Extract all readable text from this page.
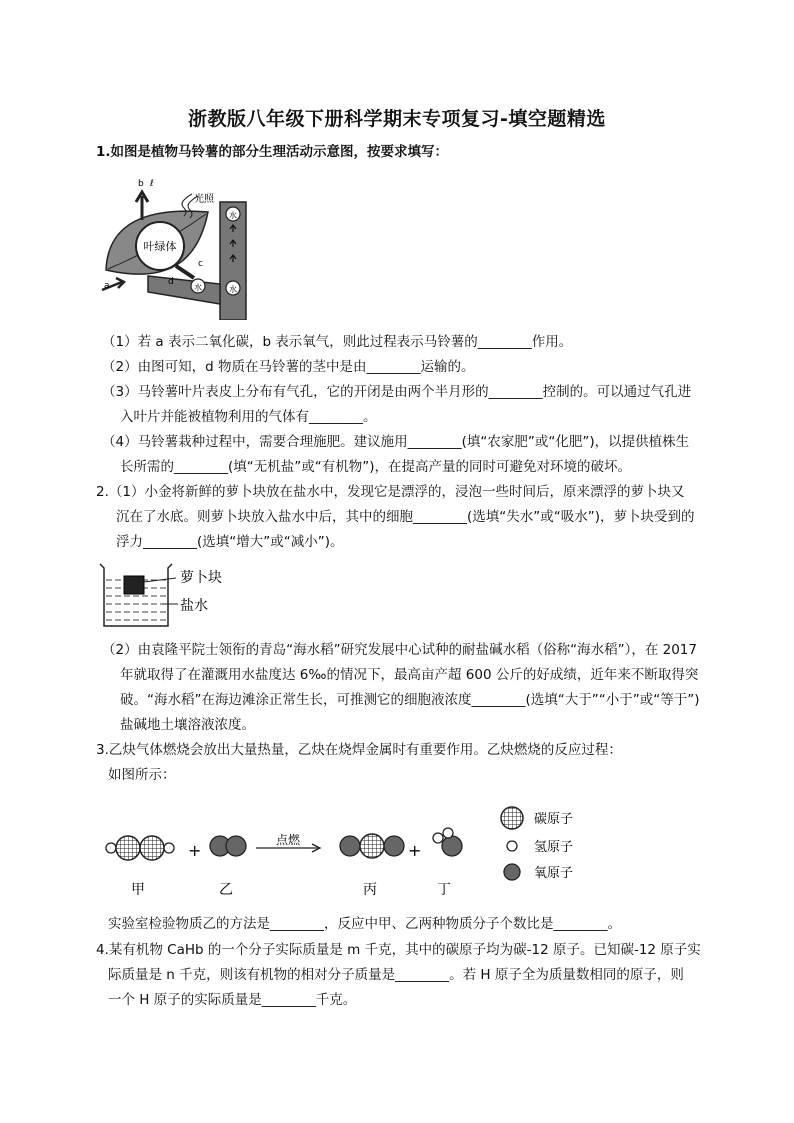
浙教版八年级下册科学期末专项复习-填空题精选
1.如图是植物马铃薯的部分生理活动示意图，按要求填写：
叶绿体
b ℓ
光照
水
水
水
a
c
d
（1）若 a 表示二氧化碳，b 表示氧气，则此过程表示马铃薯的________作用。
（2）由图可知，d 物质在马铃薯的茎中是由________运输的。
（3）马铃薯叶片表皮上分布有气孔，它的开闭是由两个半月形的________控制的。可以通过气孔进
入叶片并能被植物利用的气体有________。
（4）马铃薯栽种过程中，需要合理施肥。建议施用________(填“农家肥”或“化肥”)，以提供植株生
长所需的________(填“无机盐”或“有机物”)，在提高产量的同时可避免对环境的破坏。
2.（1）小金将新鲜的萝卜块放在盐水中，发现它是漂浮的，浸泡一些时间后，原来漂浮的萝卜块又
沉在了水底。则萝卜块放入盐水中后，其中的细胞________(选填“失水”或“吸水”)，萝卜块受到的
浮力________(选填“增大”或“减小”)。
萝卜块
盐水
（2）由袁隆平院士领衔的青岛“海水稻”研究发展中心试种的耐盐碱水稻（俗称“海水稻”），在 2017
年就取得了在灌溉用水盐度达 6‰的情况下，最高亩产超 600 公斤的好成绩，近年来不断取得突
破。“海水稻”在海边滩涂正常生长，可推测它的细胞液浓度________(选填“大于”“小于”或“等于”)
盐碱地土壤溶液浓度。
3.乙炔气体燃烧会放出大量热量，乙炔在烧焊金属时有重要作用。乙炔燃烧的反应过程：
如图所示：
+
点燃
+
甲	乙	丙	丁
碳原子
氢原子
氧原子
实验室检验物质乙的方法是________，反应中甲、乙两种物质分子个数比是________。
4.某有机物 CaHb 的一个分子实际质量是 m 千克，其中的碳原子均为碳-12 原子。已知碳-12 原子实
际质量是 n 千克，则该有机物的相对分子质量是________。若 H 原子全为质量数相同的原子，则
一个 H 原子的实际质量是________千克。
